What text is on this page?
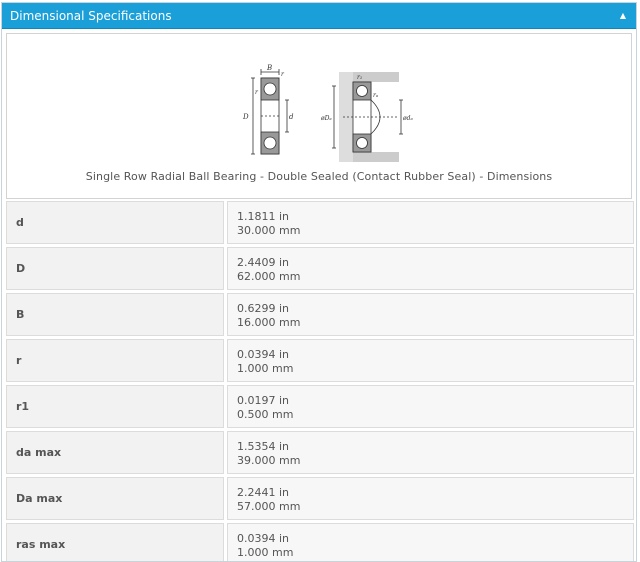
Dimensional Specifications	▲
B
r
r
D	d
r₁
rₐ
øDₐ	ødₐ
Single Row Radial Ball Bearing - Double Sealed (Contact Rubber Seal) - Dimensions
d	1.1811 in
30.000 mm
D	2.4409 in
62.000 mm
B	0.6299 in
16.000 mm
r	0.0394 in
1.000 mm
r1	0.0197 in
0.500 mm
da max	1.5354 in
39.000 mm
Da max	2.2441 in
57.000 mm
ras max	0.0394 in
1.000 mm
